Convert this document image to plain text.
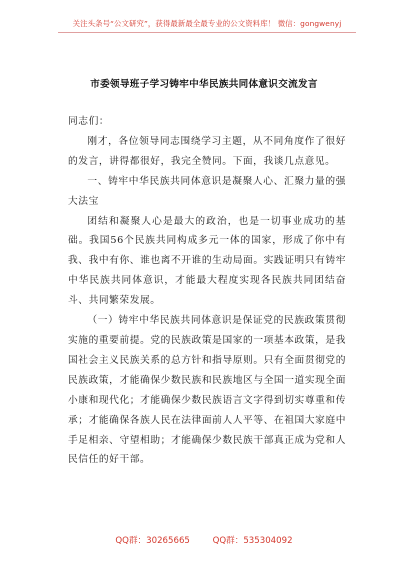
关注头条号“公文研究”，获得最新最全最专业的公文资料库！ 微信：gongwenyj
市委领导班子学习铸牢中华民族共同体意识交流发言

同志们：

刚才，各位领导同志围绕学习主题，从不同角度作了很好的发言，讲得都很好，我完全赞同。下面，我谈几点意见。

一、铸牢中华民族共同体意识是凝聚人心、汇聚力量的强大法宝

团结和凝聚人心是最大的政治，也是一切事业成功的基础。我国56个民族共同构成多元一体的国家，形成了你中有我、我中有你、谁也离不开谁的生动局面。实践证明只有铸牢中华民族共同体意识，才能最大程度实现各民族共同团结奋斗、共同繁荣发展。

（一）铸牢中华民族共同体意识是保证党的民族政策贯彻实施的重要前提。党的民族政策是国家的一项基本政策，是我国社会主义民族关系的总方针和指导原则。只有全面贯彻党的民族政策，才能确保少数民族和民族地区与全国一道实现全面小康和现代化；才能确保少数民族语言文字得到切实尊重和传承；才能确保各族人民在法律面前人人平等、在祖国大家庭中手足相亲、守望相助；才能确保少数民族干部真正成为党和人民信任的好干部。

QQ群：30265665	QQ群：535304092
